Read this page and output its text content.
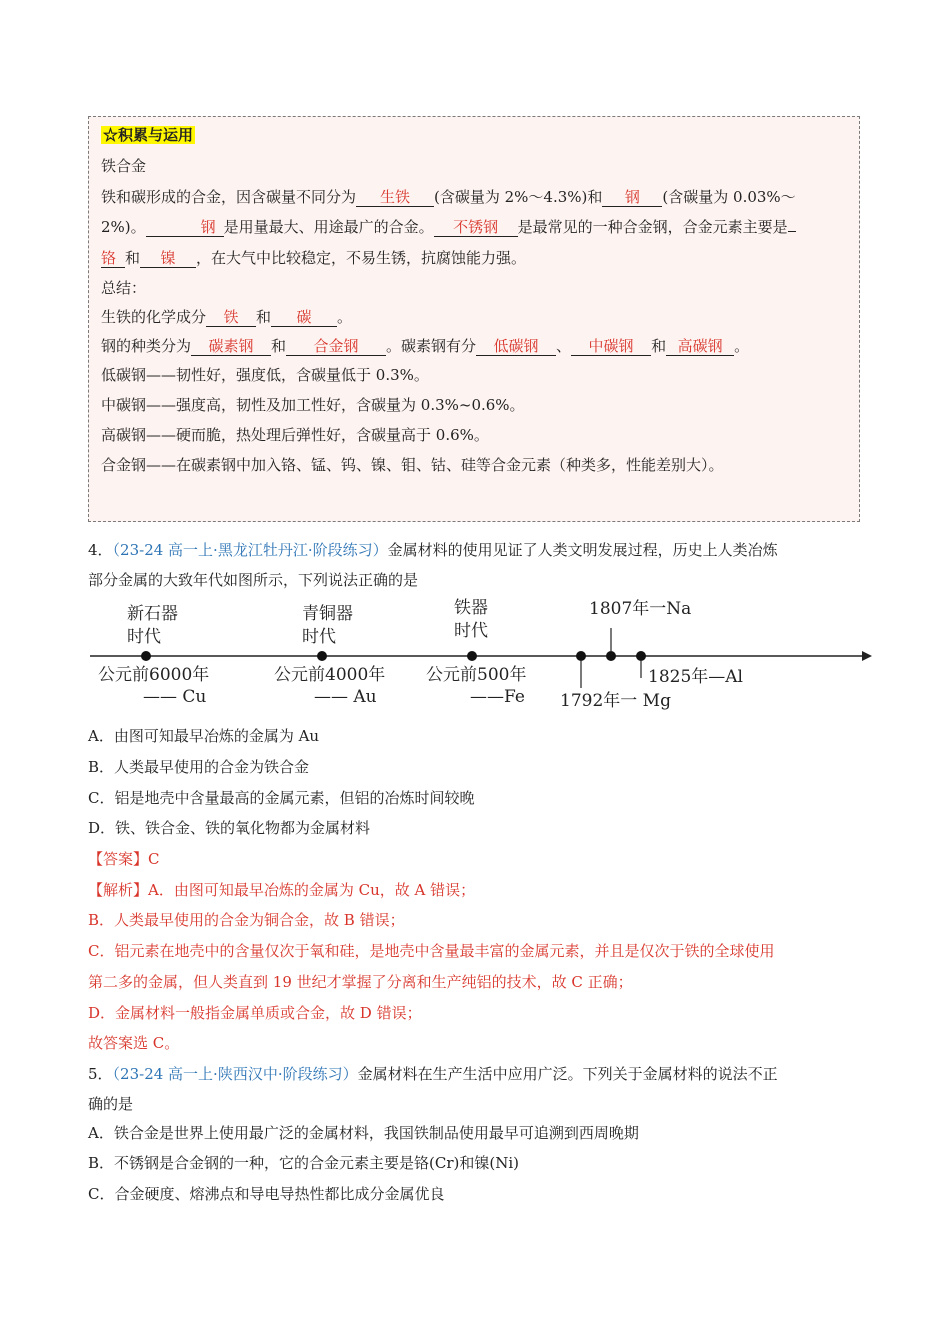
☆积累与运用
铁合金
铁和碳形成的合金，因含碳量不同分为 生铁 (含碳量为 2%～4.3%)和 钢 (含碳量为 0.03%～
2%)。	钢 是用量最大、用途最广的合金。 不锈钢 是最常见的一种合金钢，合金元素主要是
铬 和 镍 ，在大气中比较稳定，不易生锈，抗腐蚀能力强。
总结：
生铁的化学成分 铁 和 碳 。
钢的种类分为 碳素钢 和 合金钢 。碳素钢有分 低碳钢 、 中碳钢 和 高碳钢 。
低碳钢——韧性好，强度低，含碳量低于 0.3%。
中碳钢——强度高，韧性及加工性好，含碳量为 0.3%~0.6%。
高碳钢——硬而脆，热处理后弹性好，含碳量高于 0.6%。
合金钢——在碳素钢中加入铬、锰、钨、镍、钼、钴、硅等合金元素（种类多，性能差别大）。
4．（23-24 高一上·黑龙江牡丹江·阶段练习）金属材料的使用见证了人类文明发展过程，历史上人类冶炼
部分金属的大致年代如图所示，下列说法正确的是
新石器
时代
青铜器
时代
铁器
时代
公元前6000年
—— Cu
公元前4000年
—— Au
公元前500年
——Fe
1807年一Na
1792年一 Mg
1825年—Al
A．由图可知最早冶炼的金属为 Au
B．人类最早使用的合金为铁合金
C．铝是地壳中含量最高的金属元素，但铝的冶炼时间较晚
D．铁、铁合金、铁的氧化物都为金属材料
【答案】C
【解析】A．由图可知最早冶炼的金属为 Cu，故 A 错误；
B．人类最早使用的合金为铜合金，故 B 错误；
C．铝元素在地壳中的含量仅次于氧和硅，是地壳中含量最丰富的金属元素，并且是仅次于铁的全球使用
第二多的金属，但人类直到 19 世纪才掌握了分离和生产纯铝的技术，故 C 正确；
D．金属材料一般指金属单质或合金，故 D 错误；
故答案选 C。
5．（23-24 高一上·陕西汉中·阶段练习）金属材料在生产生活中应用广泛。下列关于金属材料的说法不正
确的是
A．铁合金是世界上使用最广泛的金属材料，我国铁制品使用最早可追溯到西周晚期
B．不锈钢是合金钢的一种，它的合金元素主要是铬(Cr)和镍(Ni)
C．合金硬度、熔沸点和导电导热性都比成分金属优良
